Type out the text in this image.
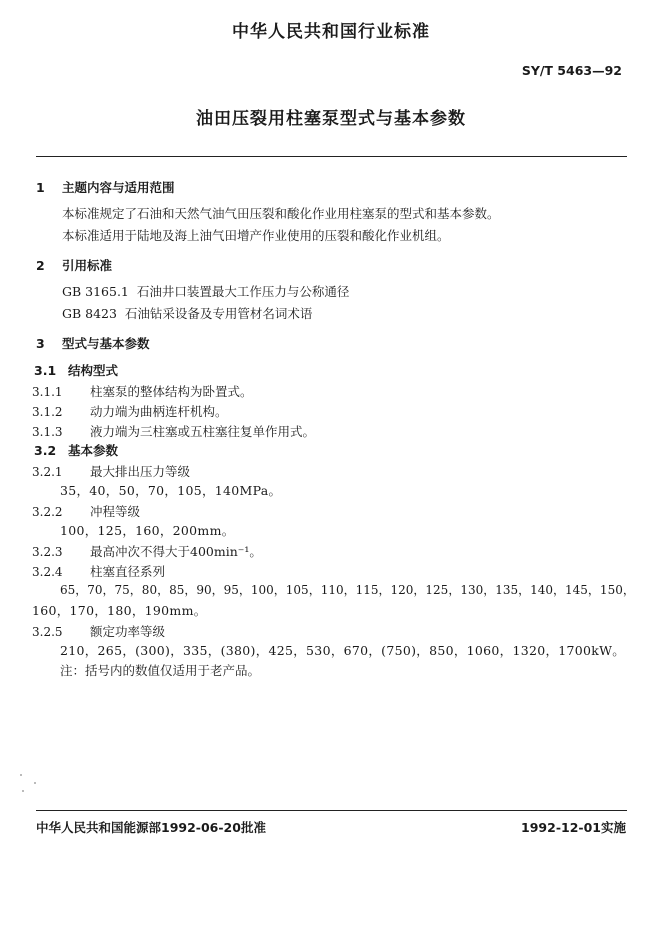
中华人民共和国行业标准
SY/T 5463—92
油田压裂用柱塞泵型式与基本参数
1 主题内容与适用范围
本标准规定了石油和天然气油气田压裂和酸化作业用柱塞泵的型式和基本参数。
本标准适用于陆地及海上油气田增产作业使用的压裂和酸化作业机组。
2 引用标准
GB 3165.1 石油井口装置最大工作压力与公称通径
GB 8423 石油钻采设备及专用管材名词术语
3 型式与基本参数
3.1 结构型式
3.1.1 柱塞泵的整体结构为卧置式。
3.1.2 动力端为曲柄连杆机构。
3.1.3 液力端为三柱塞或五柱塞往复单作用式。
3.2 基本参数
3.2.1 最大排出压力等级
35，40，50，70，105，140MPa。
3.2.2 冲程等级
100，125，160，200mm。
3.2.3 最高冲次不得大于400min⁻¹。
3.2.4 柱塞直径系列
65，70，75，80，85，90，95，100，105，110，115，120，125，130，135，140，145，150，
160，170，180，190mm。
3.2.5 额定功率等级
210，265，(300)，335，(380)，425，530，670，(750)，850，1060，1320，1700kW。
注：括号内的数值仅适用于老产品。
中华人民共和国能源部1992-06-20批准	1992-12-01实施
